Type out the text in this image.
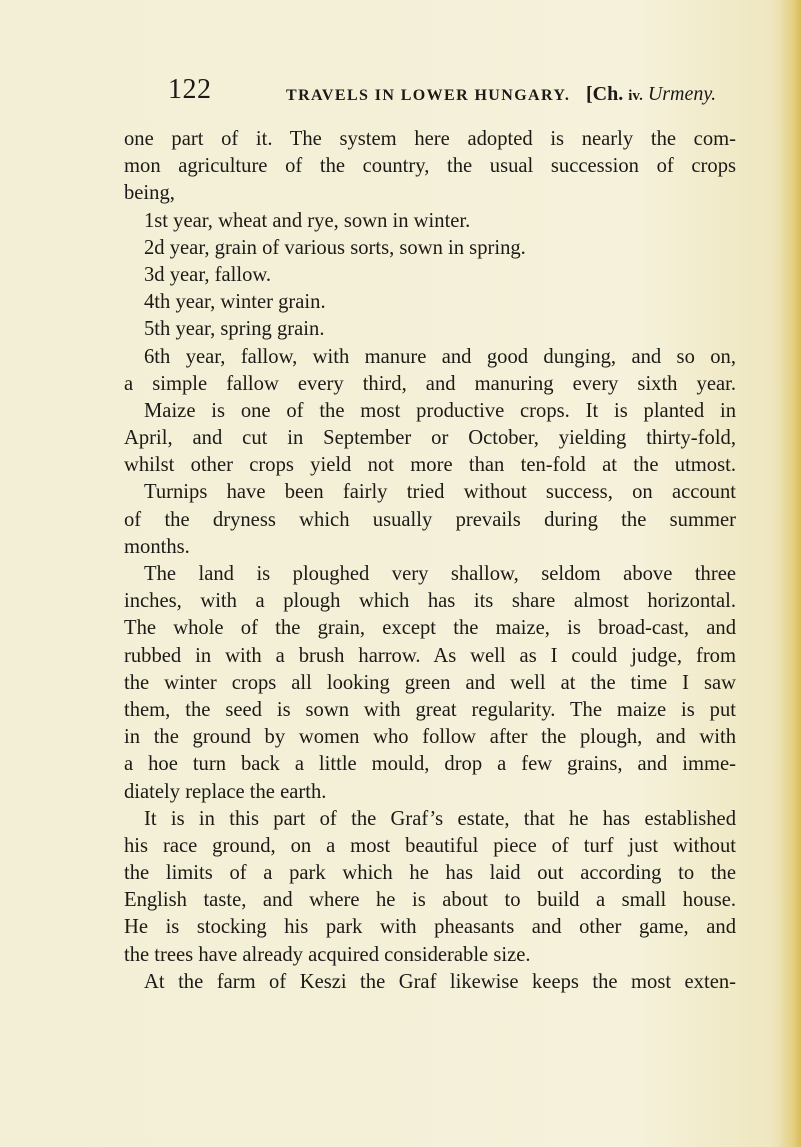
122	TRAVELS IN LOWER HUNGARY. [Ch. iv. Urmeny.
one part of it. The system here adopted is nearly the com-
mon agriculture of the country, the usual succession of crops
being,
1st year, wheat and rye, sown in winter.
2d year, grain of various sorts, sown in spring.
3d year, fallow.
4th year, winter grain.
5th year, spring grain.
6th year, fallow, with manure and good dunging, and so on,
a simple fallow every third, and manuring every sixth year.
Maize is one of the most productive crops. It is planted in
April, and cut in September or October, yielding thirty-fold,
whilst other crops yield not more than ten-fold at the utmost.
Turnips have been fairly tried without success, on account
of the dryness which usually prevails during the summer
months.
The land is ploughed very shallow, seldom above three
inches, with a plough which has its share almost horizontal.
The whole of the grain, except the maize, is broad-cast, and
rubbed in with a brush harrow. As well as I could judge, from
the winter crops all looking green and well at the time I saw
them, the seed is sown with great regularity. The maize is put
in the ground by women who follow after the plough, and with
a hoe turn back a little mould, drop a few grains, and imme-
diately replace the earth.
It is in this part of the Graf’s estate, that he has established
his race ground, on a most beautiful piece of turf just without
the limits of a park which he has laid out according to the
English taste, and where he is about to build a small house.
He is stocking his park with pheasants and other game, and
the trees have already acquired considerable size.
At the farm of Keszi the Graf likewise keeps the most exten-
